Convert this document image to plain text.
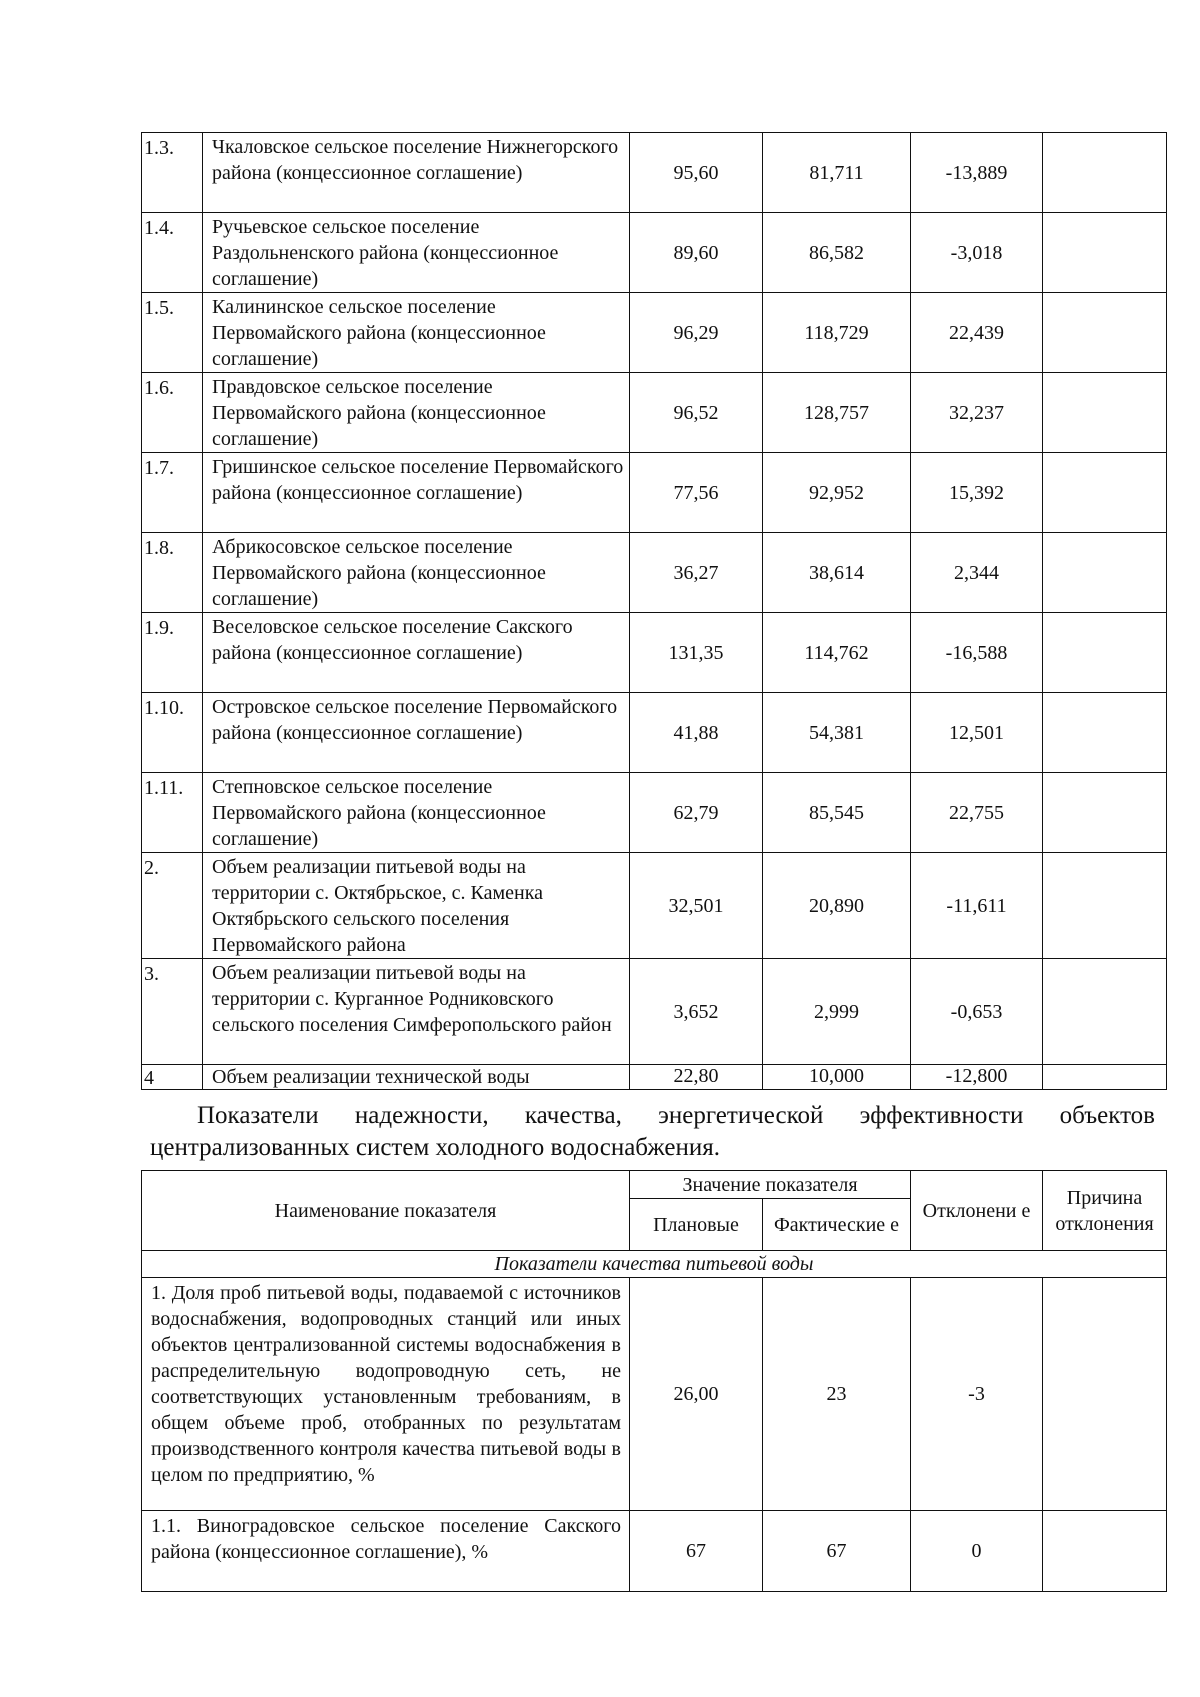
1.3.	Чкаловское сельское поселение Нижнегорского района (концессионное соглашение)	95,60	81,711	-13,889	
1.4.	Ручьевское сельское поселение Раздольненского района (концессионное соглашение)	89,60	86,582	-3,018	
1.5.	Калининское сельское поселение Первомайского района (концессионное соглашение)	96,29	118,729	22,439	
1.6.	Правдовское сельское поселение Первомайского района (концессионное соглашение)	96,52	128,757	32,237	
1.7.	Гришинское сельское поселение Первомайского района (концессионное соглашение)	77,56	92,952	15,392	
1.8.	Абрикосовское сельское поселение Первомайского района (концессионное соглашение)	36,27	38,614	2,344	
1.9.	Веселовское сельское поселение Сакского района (концессионное соглашение)	131,35	114,762	-16,588	
1.10.	Островское сельское поселение Первомайского района (концессионное соглашение)	41,88	54,381	12,501	
1.11.	Степновское сельское поселение Первомайского района (концессионное соглашение)	62,79	85,545	22,755	
2.	Объем реализации питьевой воды на территории с. Октябрьское, с. Каменка Октябрьского сельского поселения Первомайского района	32,501	20,890	-11,611	
3.	Объем реализации питьевой воды на территории с. Курганное Родниковского сельского поселения Симферопольского район	3,652	2,999	-0,653	
4	Объем реализации технической воды	22,80	10,000	-12,800	

Показатели надежности, качества, энергетической эффективности объектов централизованных систем холодного водоснабжения.

Наименование показателя	Значение показателя		Отклонени е	Причина отклонения
	Плановые	Фактическиe е		
Показатели качества питьевой воды				
1. Доля проб питьевой воды, подаваемой с источников водоснабжения, водопроводных станций или иных объектов централизованной системы водоснабжения в распределительную водопроводную сеть, не соответствующих установленным требованиям, в общем объеме проб, отобранных по результатам производственного контроля качества питьевой воды в целом по предприятию, %	26,00	23	-3	
1.1. Виноградовское сельское поселение Сакского района (концессионное соглашение), %	67	67	0	
